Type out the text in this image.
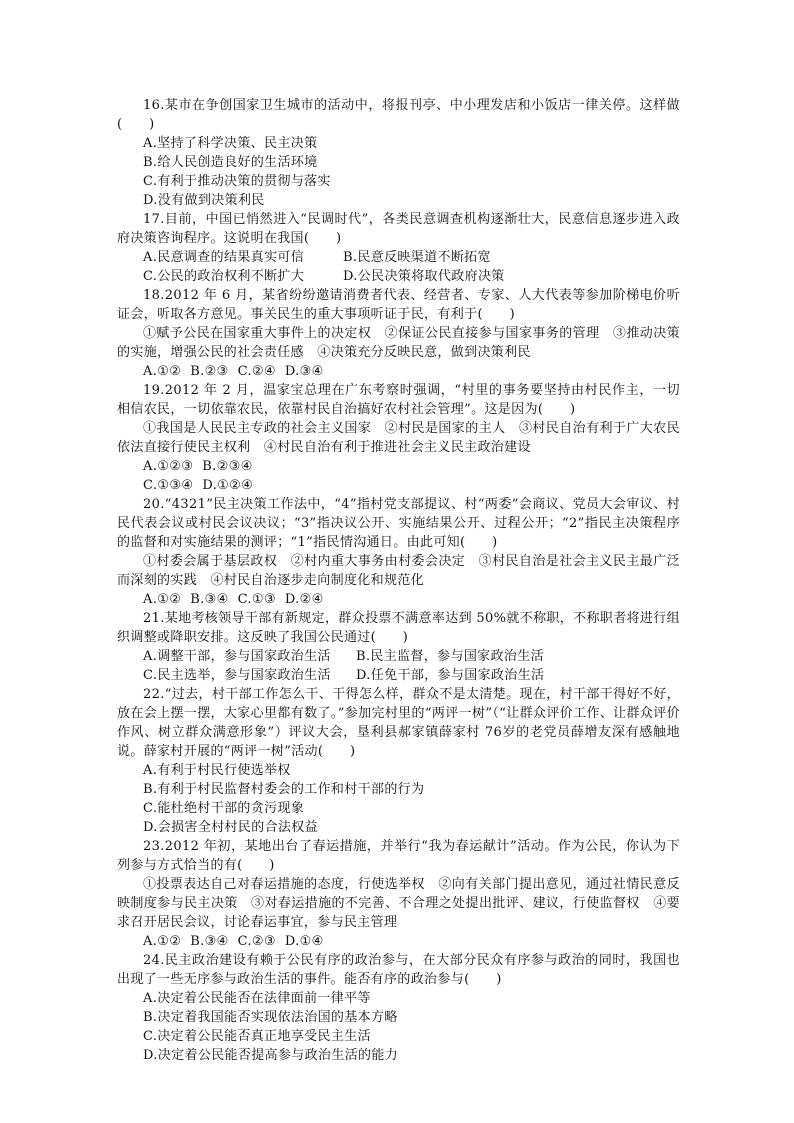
16.某市在争创国家卫生城市的活动中，将报刊亭、中小理发店和小饭店一律关停。这样做(　　)

A.坚持了科学决策、民主决策

B.给人民创造良好的生活环境

C.有利于推动决策的贯彻与落实

D.没有做到决策利民

17.目前，中国已悄然进入“民调时代”，各类民意调查机构逐渐壮大，民意信息逐步进入政府决策咨询程序。这说明在我国(　　)

A.民意调查的结果真实可信	B.民意反映渠道不断拓宽

C.公民的政治权利不断扩大	D.公民决策将取代政府决策

18.2012 年 6 月，某省纷纷邀请消费者代表、经营者、专家、人大代表等参加阶梯电价听证会，听取各方意见。事关民生的重大事项听证于民，有利于(　　)

①赋予公民在国家重大事件上的决定权　②保证公民直接参与国家事务的管理　③推动决策的实施，增强公民的社会责任感　④决策充分反映民意，做到决策利民

A.①② B.②③ C.②④ D.③④

19.2012 年 2 月，温家宝总理在广东考察时强调，“村里的事务要坚持由村民作主，一切相信农民，一切依靠农民，依靠村民自治搞好农村社会管理”。这是因为(　　)

①我国是人民民主专政的社会主义国家　②村民是国家的主人　③村民自治有利于广大农民依法直接行使民主权利　④村民自治有利于推进社会主义民主政治建设

A.①②③ B.②③④

C.①③④ D.①②④

20.“4321”民主决策工作法中，“4”指村党支部提议、村“两委”会商议、党员大会审议、村民代表会议或村民会议决议；“3”指决议公开、实施结果公开、过程公开；“2”指民主决策程序的监督和对实施结果的测评；“1”指民情沟通日。由此可知(　　)

①村委会属于基层政权　②村内重大事务由村委会决定　③村民自治是社会主义民主最广泛而深刻的实践　④村民自治逐步走向制度化和规范化

A.①② B.③④ C.①③ D.②④

21.某地考核领导干部有新规定，群众投票不满意率达到 50%就不称职，不称职者将进行组织调整或降职安排。这反映了我国公民通过(　　)

A.调整干部，参与国家政治生活 B.民主监督，参与国家政治生活

C.民主选举，参与国家政治生活 D.任免干部，参与国家政治生活

22.“过去，村干部工作怎么干、干得怎么样，群众不是太清楚。现在，村干部干得好不好，放在会上摆一摆，大家心里都有数了。”参加完村里的“两评一树”（“让群众评价工作、让群众评价作风、树立群众满意形象”）评议大会，垦利县郝家镇薛家村 76岁的老党员薛增友深有感触地说。薛家村开展的“两评一树”活动(　　)

A.有利于村民行使选举权

B.有利于村民监督村委会的工作和村干部的行为

C.能杜绝村干部的贪污现象

D.会损害全村村民的合法权益

23.2012 年初，某地出台了春运措施，并举行“我为春运献计”活动。作为公民，你认为下列参与方式恰当的有(　　)

①投票表达自己对春运措施的态度，行使选举权　②向有关部门提出意见，通过社情民意反映制度参与民主决策　③对春运措施的不完善、不合理之处提出批评、建议，行使监督权　④要求召开居民会议，讨论春运事宜，参与民主管理

A.①② B.③④ C.②③ D.①④

24.民主政治建设有赖于公民有序的政治参与，在大部分民众有序参与政治的同时，我国也出现了一些无序参与政治生活的事件。能否有序的政治参与(　　)

A.决定着公民能否在法律面前一律平等

B.决定着我国能否实现依法治国的基本方略

C.决定着公民能否真正地享受民主生活

D.决定着公民能否提高参与政治生活的能力
